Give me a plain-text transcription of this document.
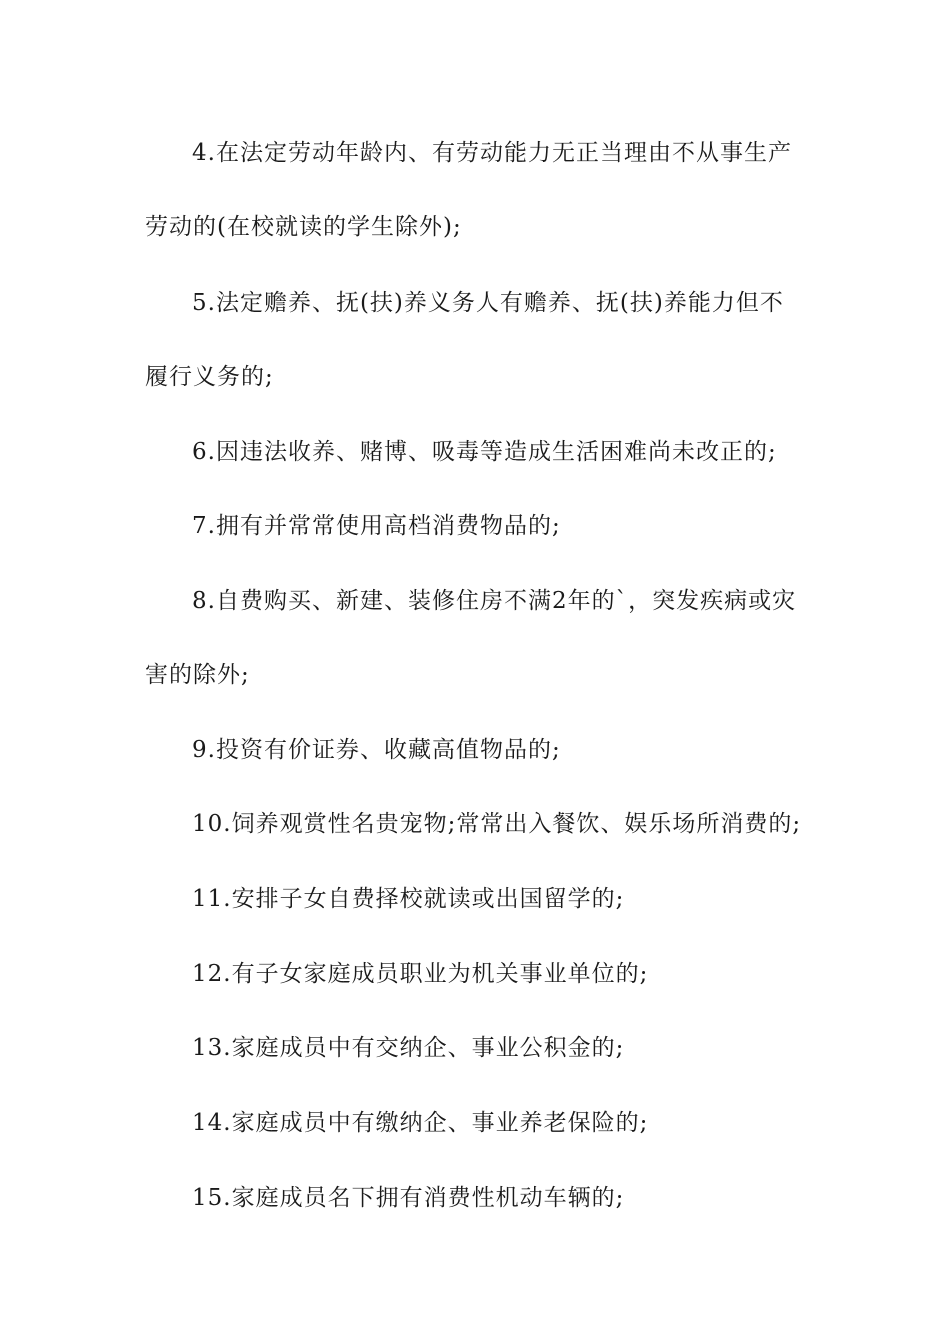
4.在法定劳动年龄内、有劳动能力无正当理由不从事生产
劳动的(在校就读的学生除外);
5.法定赡养、抚(扶)养义务人有赡养、抚(扶)养能力但不
履行义务的;
6.因违法收养、赌博、吸毒等造成生活困难尚未改正的;
7.拥有并常常使用高档消费物品的;
8.自费购买、新建、装修住房不满2年的`，突发疾病或灾
害的除外;
9.投资有价证券、收藏高值物品的;
10.饲养观赏性名贵宠物;常常出入餐饮、娱乐场所消费的;
11.安排子女自费择校就读或出国留学的;
12.有子女家庭成员职业为机关事业单位的;
13.家庭成员中有交纳企、事业公积金的;
14.家庭成员中有缴纳企、事业养老保险的;
15.家庭成员名下拥有消费性机动车辆的;
